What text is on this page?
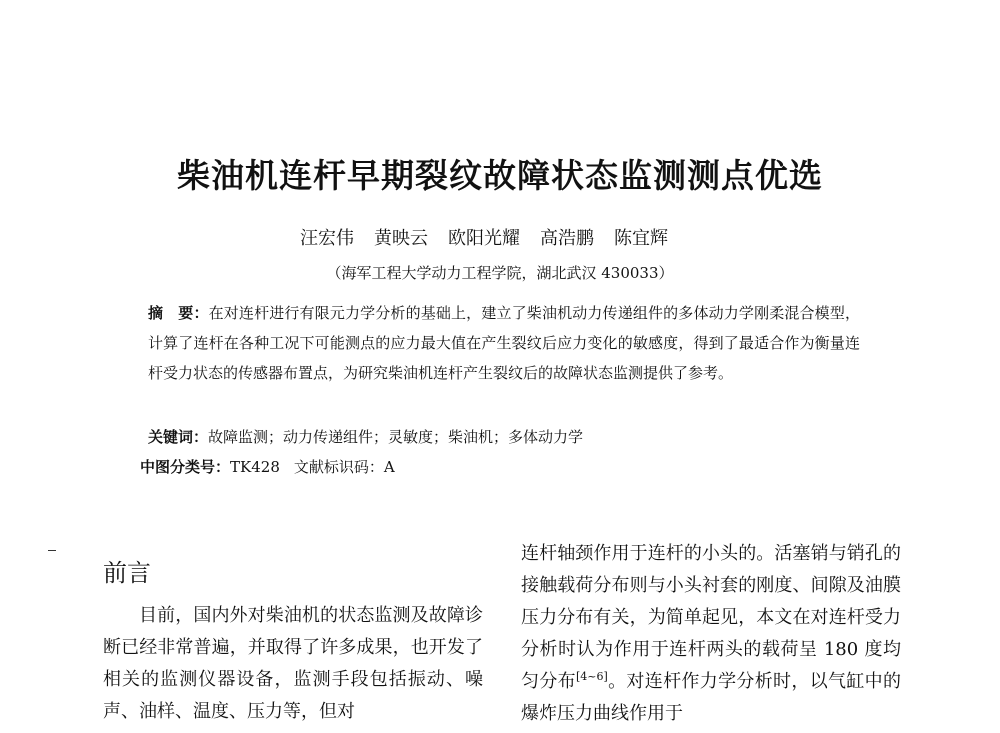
柴油机连杆早期裂纹故障状态监测测点优选
汪宏伟 黄映云 欧阳光耀 高浩鹏 陈宜辉
（海军工程大学动力工程学院，湖北武汉 430033）

摘　要：在对连杆进行有限元力学分析的基础上，建立了柴油机动力传递组件的多体动力学刚柔混合模型，计算了连杆在各种工况下可能测点的应力最大值在产生裂纹后应力变化的敏感度，得到了最适合作为衡量连杆受力状态的传感器布置点，为研究柴油机连杆产生裂纹后的故障状态监测提供了参考。

关键词：故障监测；动力传递组件；灵敏度；柴油机；多体动力学
中图分类号：TK428 文献标识码：A
前言

目前，国内外对柴油机的状态监测及故障诊断已经非常普遍，并取得了许多成果，也开发了相关的监测仪器设备，监测手段包括振动、噪声、油样、温度、压力等，但对

连杆轴颈作用于连杆的小头的。活塞销与销孔的接触载荷分布则与小头衬套的刚度、间隙及油膜压力分布有关，为简单起见，本文在对连杆受力分析时认为作用于连杆两头的载荷呈 180 度均匀分布[4~6]。对连杆作力学分析时，以气缸中的爆炸压力曲线作用于
